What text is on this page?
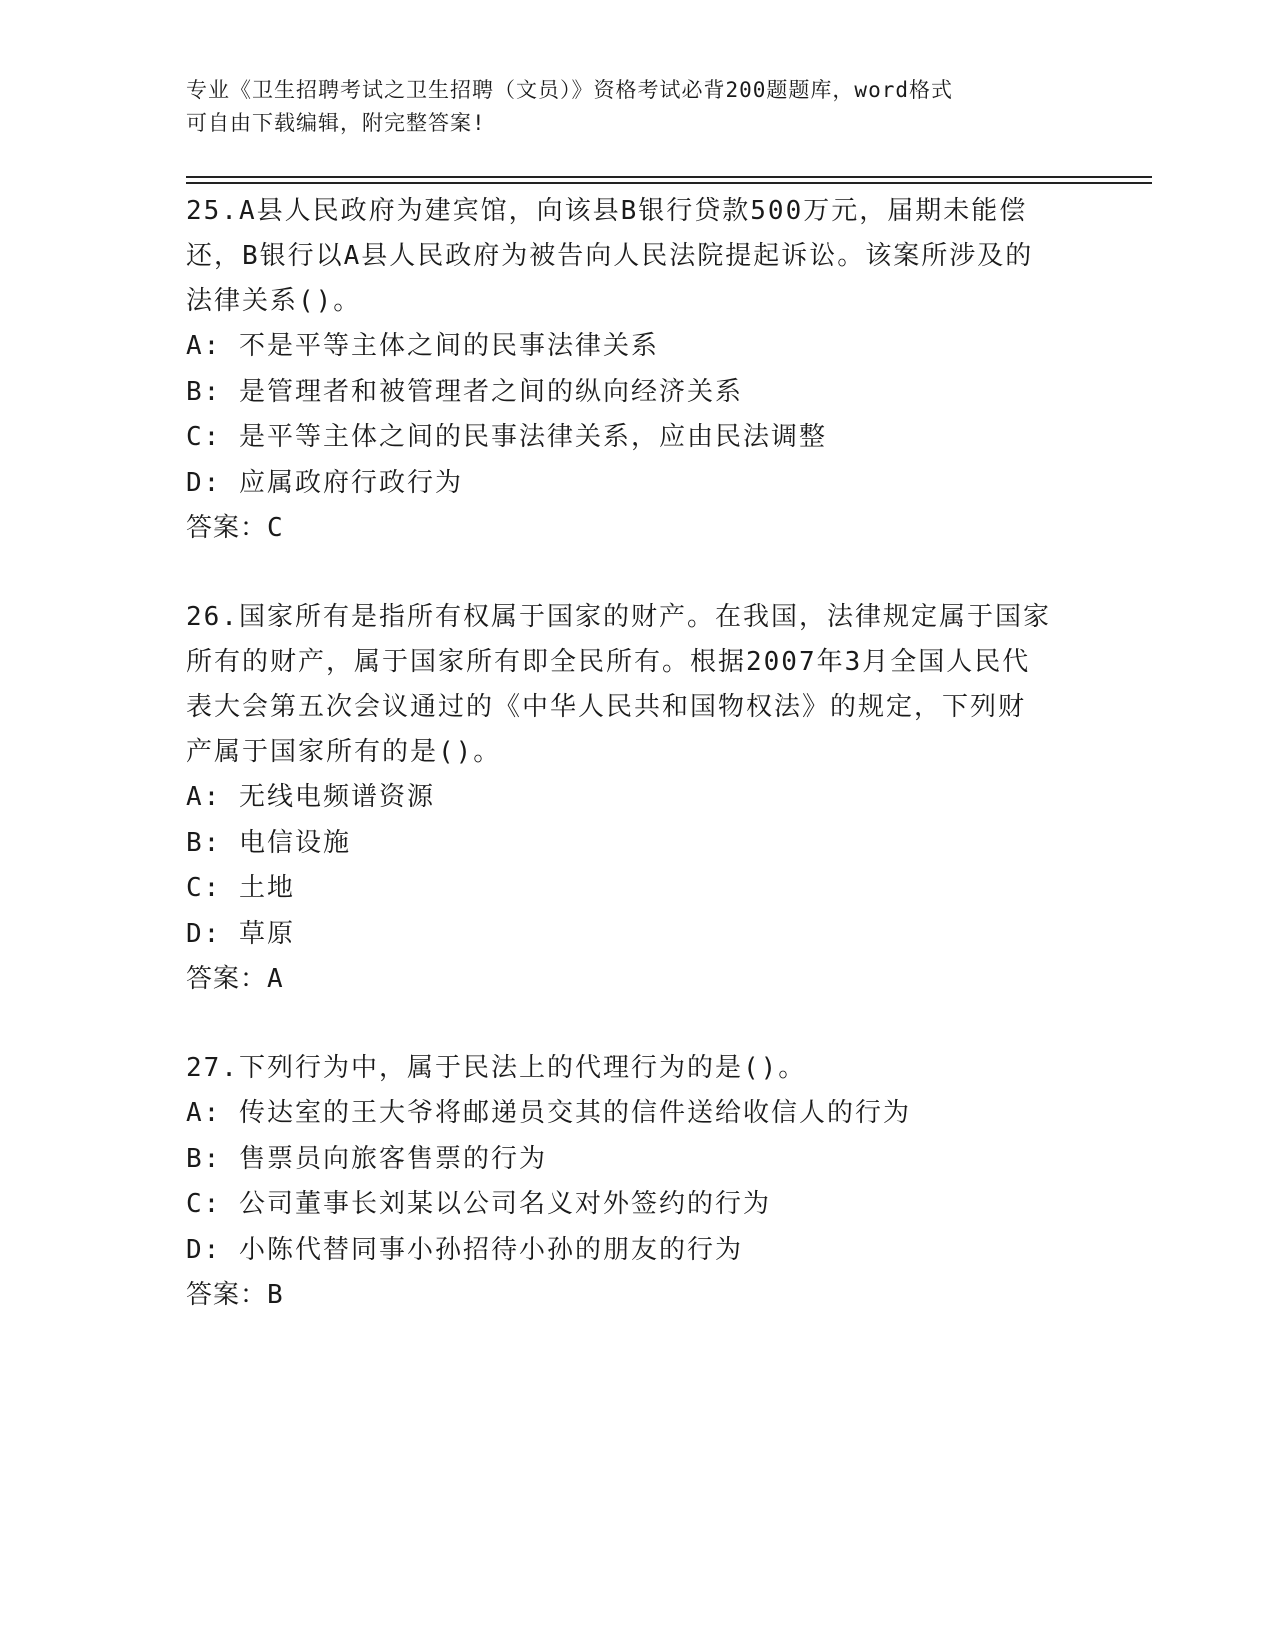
专业《卫生招聘考试之卫生招聘（文员）》资格考试必背200题题库，word格式
可自由下载编辑，附完整答案!
25.A县人民政府为建宾馆，向该县B银行贷款500万元，届期未能偿
还，B银行以A县人民政府为被告向人民法院提起诉讼。该案所涉及的
法律关系()。
A: 不是平等主体之间的民事法律关系
B: 是管理者和被管理者之间的纵向经济关系
C: 是平等主体之间的民事法律关系，应由民法调整
D: 应属政府行政行为
答案：C
26.国家所有是指所有权属于国家的财产。在我国，法律规定属于国家
所有的财产，属于国家所有即全民所有。根据2007年3月全国人民代
表大会第五次会议通过的《中华人民共和国物权法》的规定，下列财
产属于国家所有的是()。
A: 无线电频谱资源
B: 电信设施
C: 土地
D: 草原
答案：A
27.下列行为中，属于民法上的代理行为的是()。
A: 传达室的王大爷将邮递员交其的信件送给收信人的行为
B: 售票员向旅客售票的行为
C: 公司董事长刘某以公司名义对外签约的行为
D: 小陈代替同事小孙招待小孙的朋友的行为
答案：B
